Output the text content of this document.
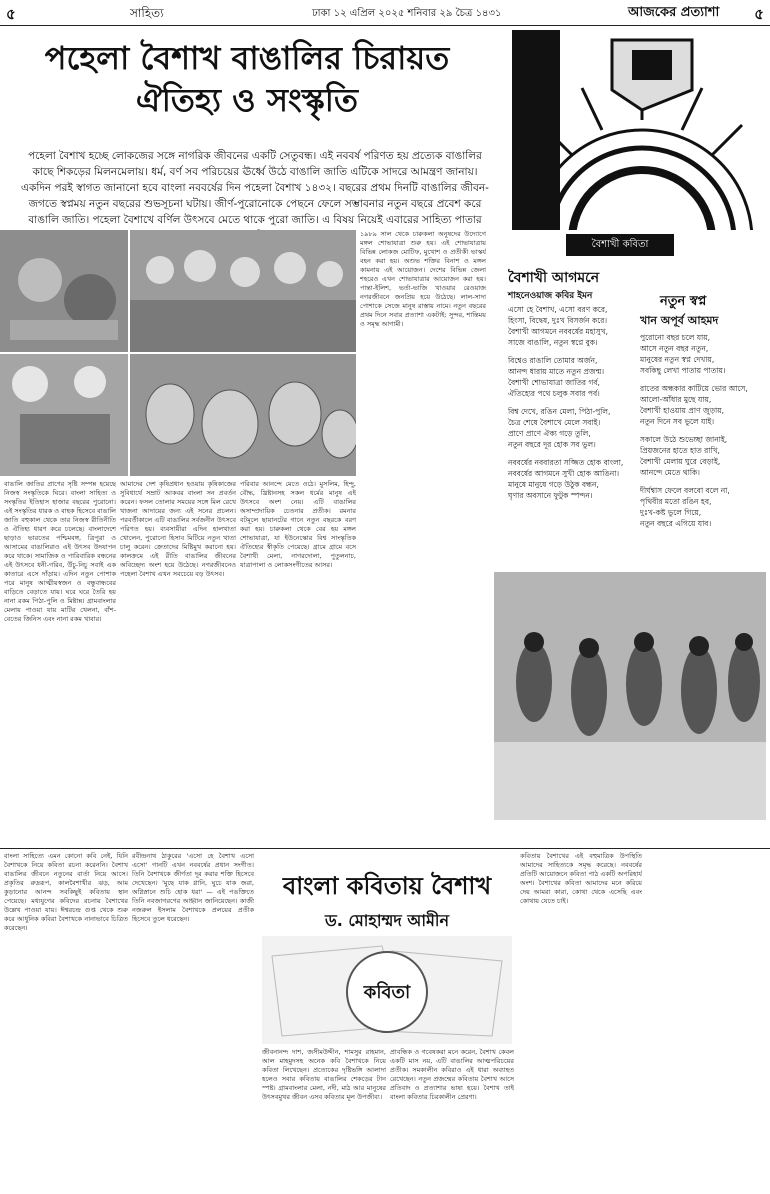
৫	সাহিত্য	ঢাকা ১২ এপ্রিল ২০২৫ শনিবার ২৯ চৈত্র ১৪৩১	আজকের প্রত্যাশা ৫
পহেলা বৈশাখ বাঙালির চিরায়ত
ঐতিহ্য ও সংস্কৃতি
পহেলা বৈশাখ হচ্ছে লোকজের সঙ্গে নাগরিক জীবনের একটি সেতুবন্ধ। এই নববর্ষ পরিণত হয় প্রত্যেক বাঙালির কাছে শিকড়ের মিলনমেলায়। ধর্ম, বর্ণ সব পরিচয়ের ঊর্ধ্বে উঠে বাঙালি জাতি এটিকে সাদরে আমন্ত্রণ জানায়। একদিন পরই স্বাগত জানানো হবে বাংলা নববর্ষের দিন পহেলা বৈশাখ ১৪৩২। বছরের প্রথম দিনটি বাঙালির জীবন-জগতে স্বপ্নময় নতুন বছরের শুভসূচনা ঘটায়। জীর্ণ-পুরোনোকে পেছনে ফেলে সম্ভাবনার নতুন বছরে প্রবেশ করে বাঙালি জাতি। পহেলা বৈশাখে বর্ণিল উৎসবে মেতে থাকে পুরো জাতি। এ বিষয় নিয়েই এবারের সাহিত্য পাতার
বাঙালি জাতির প্রাণের সৃষ্টি সম্পন্ন হয়েছে নিজস্ব সংস্কৃতিকে ঘিরে। বাংলা সাহিত্য ও সংস্কৃতির ইতিহাস হাজার বছরের পুরোনো। এই সংস্কৃতির ধারক ও বাহক হিসেবে বাঙালি জাতি বহুকাল থেকে তার নিজস্ব রীতিনীতি ও ঐতিহ্য ধারণ করে চলেছে। বাংলাদেশে ছাড়াও ভারতের পশ্চিমবঙ্গ, ত্রিপুরা ও আসামের বাঙালিরাও এই উৎসব উদযাপন করে থাকে। সামাজিক ও পারিবারিক বন্ধনের এই উৎসবে ধনী-গরিব, উঁচু-নিচু সবাই এক কাতারে এসে দাঁড়ায়। এদিন নতুন পোশাক পরে মানুষ আত্মীয়স্বজন ও বন্ধুবান্ধবের বাড়িতে বেড়াতে যায়। ঘরে ঘরে তৈরি হয় নানা রকম পিঠা-পুলি ও মিষ্টান্ন। গ্রামবাংলার মেলায় পাওয়া যায় মাটির খেলনা, বাঁশ-বেতের জিনিস এবং নানা রকম খাবার।
আমাদের দেশ কৃষিপ্রধান হওয়ায় কৃষিকাজের সুবিধার্থে সম্রাট আকবর বাংলা সন প্রবর্তন করেন। ফসল তোলার সময়ের সঙ্গে মিল রেখে খাজনা আদায়ের জন্য এই সনের প্রচলন। পরবর্তীকালে এটি বাঙালির সর্বজনীন উৎসবে পরিণত হয়। ব্যবসায়ীরা এদিন হালখাতা খোলেন, পুরোনো হিসাব মিটিয়ে নতুন খাতা চালু করেন। ক্রেতাদের মিষ্টিমুখ করানো হয়। কালক্রমে এই রীতি বাঙালির জীবনের অবিচ্ছেদ্য অংশ হয়ে উঠেছে। নগরজীবনেও পহেলা বৈশাখ এখন সবচেয়ে বড় উৎসব।
পরিবার আনন্দে মেতে ওঠে। মুসলিম, হিন্দু, বৌদ্ধ, খ্রিষ্টানসহ সকল ধর্মের মানুষ এই উৎসবে অংশ নেয়। এটি বাঙালির অসাম্প্রদায়িক চেতনার প্রতীক। রমনার বটমূলে ছায়ানটের গানে নতুন বছরকে বরণ করা হয়। চারুকলা থেকে বের হয় মঙ্গল শোভাযাত্রা, যা ইউনেস্কোর বিশ্ব সাংস্কৃতিক ঐতিহ্যের স্বীকৃতি পেয়েছে। গ্রামে গ্রামে বসে বৈশাখী মেলা, নাগরদোলা, পুতুলনাচ, যাত্রাপালা ও লোকসংগীতের আসর।
১৯৮৯ সাল থেকে চারুকলা অনুষদের উদ্যোগে মঙ্গল শোভাযাত্রা শুরু হয়। এই শোভাযাত্রায় বিভিন্ন লোকজ মোটিফ, মুখোশ ও প্রতীকী ভাস্কর্য বহন করা হয়। অশুভ শক্তির বিনাশ ও মঙ্গল কামনায় এই আয়োজন। দেশের বিভিন্ন জেলা শহরেও এখন শোভাযাত্রার আয়োজন করা হয়। পান্তা-ইলিশ, ভর্তা-ভাজি খাওয়ার রেওয়াজ নগরজীবনে জনপ্রিয় হয়ে উঠেছে। লাল-সাদা পোশাকে সেজে মানুষ রাস্তায় নামে। নতুন বছরের প্রথম দিনে সবার প্রত্যাশা একটাই: সুন্দর, শান্তিময় ও সমৃদ্ধ আগামী।
বৈশাখী কবিতা
বৈশাখী আগমনে
শাহনেওয়াজ কবির ইমন
এসো হে বৈশাখ, এসো বরণ করে,
হিংসা, বিদ্বেষ, দুঃখ বিসর্জন করে।
বৈশাখী আগমনে নববর্ষের মহাসুখ,
সাজে বাঙালি, নতুন স্বপ্নে বুক।
বিশ্বেও রাঙালি তোমার অর্জন,
আনন্দ ধারায় মাতে নতুন প্রজন্ম।
বৈশাখী শোভাযাত্রা জাতির গর্ব,
ঐতিহ্যের পথে চলুক সবার পর্ব।
বিশ্ব দেখে, রঙিন মেলা, পিঠা-পুলি,
চৈত্র শেষে বৈশাখে মেলে সবাই।
প্রাণে প্রাণে ঐক্য গড়ে তুলি,
নতুন বছরে দূর হোক সব ভুল।
নববর্ষের নববারতা সজ্জিত হোক বাংলা,
নববর্ষের আগমনে সুখী হোক আঙিনা।
মানুষে মানুষে গড়ে উঠুক বন্ধন,
ঘৃণার অবসানে ফুটুক স্পন্দন।
নতুন স্বপ্ন
খান অপূর্ব আহমদ
পুরোনো বছর চলে যায়,
আসে নতুন বছর নতুন,
মানুষের নতুন স্বপ্ন দেখায়,
সবকিছু লেখা পাতায় পাতায়।
রাতের অন্ধকার কাটিয়ে ভোর আসে,
আলো-আঁধার মুছে যায়,
বৈশাখী হাওয়ায় প্রাণ জুড়ায়,
নতুন দিনে সব ভুলে যাই।
সকালে উঠে শুভেচ্ছা জানাই,
প্রিয়জনের হাতে হাত রাখি,
বৈশাখী মেলায় ঘুরে বেড়াই,
আনন্দে মেতে থাকি।
দীর্ঘশ্বাস ফেলে বলবো বলে না,
পৃথিবীর মতো রঙিন হব,
দুঃখ-কষ্ট ভুলে গিয়ে,
নতুন বছরে এগিয়ে যাব।
বাংলা কবিতায় বৈশাখ
ড. মোহাম্মদ আমীন
কবিতা
বাংলা সাহিত্যে এমন কোনো কবি নেই, যিনি বৈশাখকে নিয়ে কবিতা রচনা করেননি। বৈশাখ বাঙালির জীবনে নতুনের বার্তা নিয়ে আসে। প্রকৃতির রুদ্ররূপ, কালবৈশাখীর ঝড়, আম কুড়ানোর আনন্দ সবকিছুই কবিতায় স্থান পেয়েছে। মধ্যযুগের কবিদের রচনায় বৈশাখের উল্লেখ পাওয়া যায়। ঈশ্বরচন্দ্র গুপ্ত থেকে শুরু করে আধুনিক কবিরা বৈশাখকে নানাভাবে চিত্রিত করেছেন।
রবীন্দ্রনাথ ঠাকুরের 'এসো হে বৈশাখ এসো এসো' গানটি এখন নববর্ষের প্রধান সংগীত। তিনি বৈশাখকে জীর্ণতা দূর করার শক্তি হিসেবে দেখেছেন। 'মুছে যাক গ্লানি, ঘুচে যাক জরা, অগ্নিস্নানে শুচি হোক ধরা' — এই পঙক্তিতে তিনি নবজাগরণের আহ্বান জানিয়েছেন। কাজী নজরুল ইসলাম বৈশাখকে প্রলয়ের প্রতীক হিসেবে তুলে ধরেছেন।
জীবনানন্দ দাশ, জসীমউদ্দীন, শামসুর রাহমান, আল মাহমুদসহ অনেক কবি বৈশাখকে নিয়ে কবিতা লিখেছেন। প্রত্যেকের দৃষ্টিভঙ্গি আলাদা হলেও সবার কবিতায় বাঙালির শেকড়ের টান স্পষ্ট। গ্রামবাংলার মেলা, নদী, মাঠ আর মানুষের উৎসবমুখর জীবন এসব কবিতার মূল উপজীব্য।
প্রাবন্ধিক ও গবেষকরা মনে করেন, বৈশাখ কেবল একটি মাস নয়, এটি বাঙালির আত্মপরিচয়ের প্রতীক। সমকালীন কবিরাও এই ধারা অব্যাহত রেখেছেন। নতুন প্রজন্মের কবিতায় বৈশাখ আসে প্রতিবাদ ও প্রত্যাশার ভাষা হয়ে। বৈশাখ তাই বাংলা কবিতার চিরকালীন প্রেরণা।
কবিতায় বৈশাখের এই বহুমাত্রিক উপস্থিতি আমাদের সাহিত্যকে সমৃদ্ধ করেছে। নববর্ষের প্রতিটি আয়োজনে কবিতা পাঠ একটি অপরিহার্য অংশ। বৈশাখের কবিতা আমাদের মনে করিয়ে দেয় আমরা কারা, কোথা থেকে এসেছি এবং কোথায় যেতে চাই।
